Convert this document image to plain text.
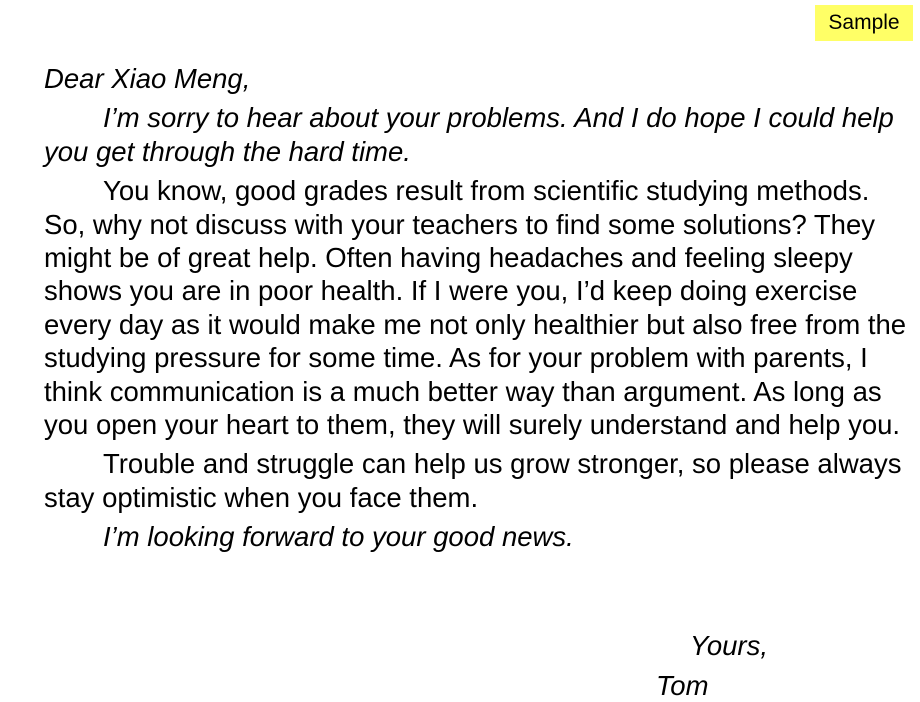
Sample

Dear Xiao Meng,

I’m sorry to hear about your problems. And I do hope I could help you get through the hard time.

You know, good grades result from scientific studying methods. So, why not discuss with your teachers to find some solutions? They might be of great help. Often having headaches and feeling sleepy shows you are in poor health. If I were you, I’d keep doing exercise every day as it would make me not only healthier but also free from the studying pressure for some time. As for your problem with parents, I think communication is a much better way than argument. As long as you open your heart to them, they will surely understand and help you.

Trouble and struggle can help us grow stronger, so please always stay optimistic when you face them.

I’m looking forward to your good news.

Yours,
Tom
